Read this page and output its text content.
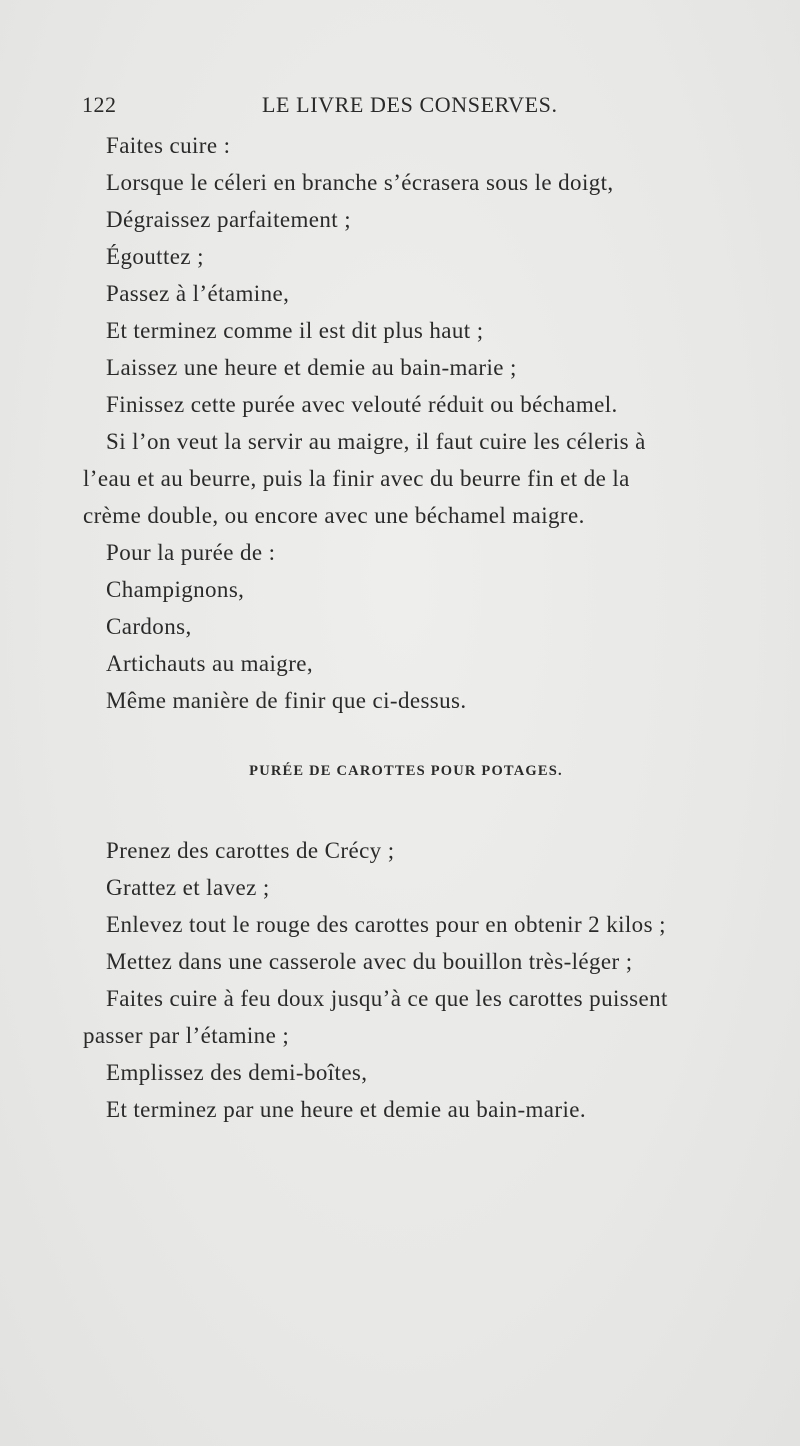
122	LE LIVRE DES CONSERVES.
Faites cuire :
Lorsque le céleri en branche s’écrasera sous le doigt,
Dégraissez parfaitement ;
Égouttez ;
Passez à l’étamine,
Et terminez comme il est dit plus haut ;
Laissez une heure et demie au bain-marie ;
Finissez cette purée avec velouté réduit ou béchamel.
Si l’on veut la servir au maigre, il faut cuire les céleris à
l’eau et au beurre, puis la finir avec du beurre fin et de la
crème double, ou encore avec une béchamel maigre.
Pour la purée de :
Champignons,
Cardons,
Artichauts au maigre,
Même manière de finir que ci-dessus.
PURÉE DE CAROTTES POUR POTAGES.
Prenez des carottes de Crécy ;
Grattez et lavez ;
Enlevez tout le rouge des carottes pour en obtenir 2 kilos ;
Mettez dans une casserole avec du bouillon très-léger ;
Faites cuire à feu doux jusqu’à ce que les carottes puissent
passer par l’étamine ;
Emplissez des demi-boîtes,
Et terminez par une heure et demie au bain-marie.
